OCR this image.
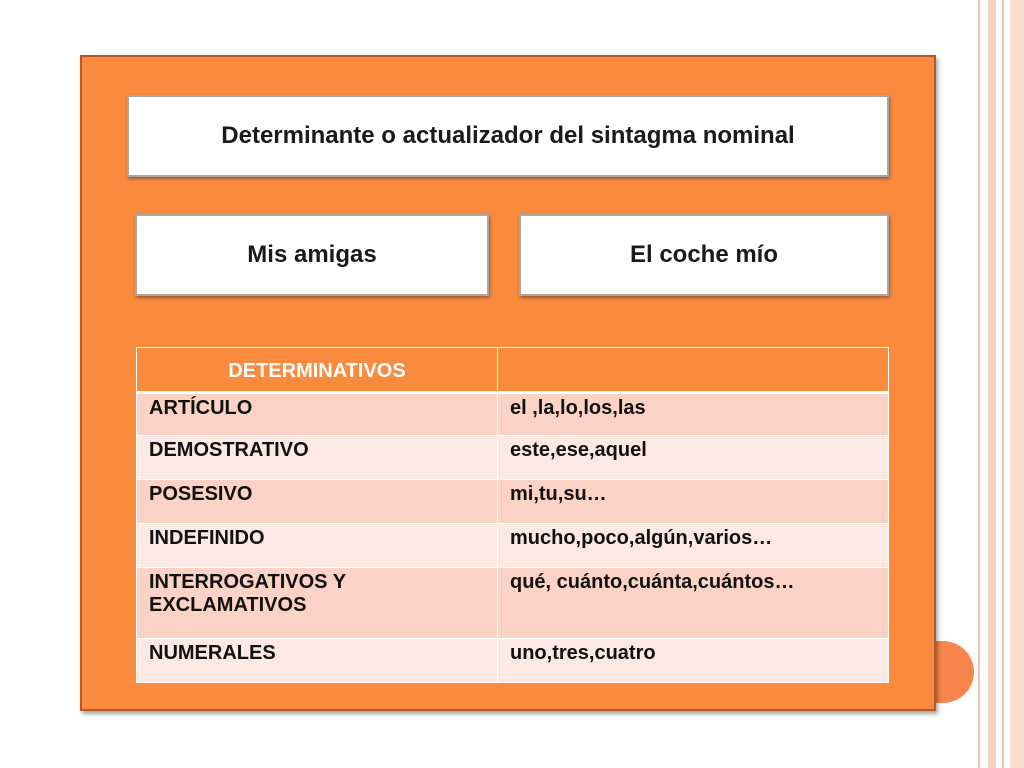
Determinante o actualizador del sintagma nominal
Mis amigas	El coche mío
DETERMINATIVOS	
ARTÍCULO	el ,la,lo,los,las
DEMOSTRATIVO	este,ese,aquel
POSESIVO	mi,tu,su…
INDEFINIDO	mucho,poco,algún,varios…

INTERROGATIVOS Y
EXCLAMATIVOS	qué, cuánto,cuánta,cuántos…
NUMERALES	uno,tres,cuatro
